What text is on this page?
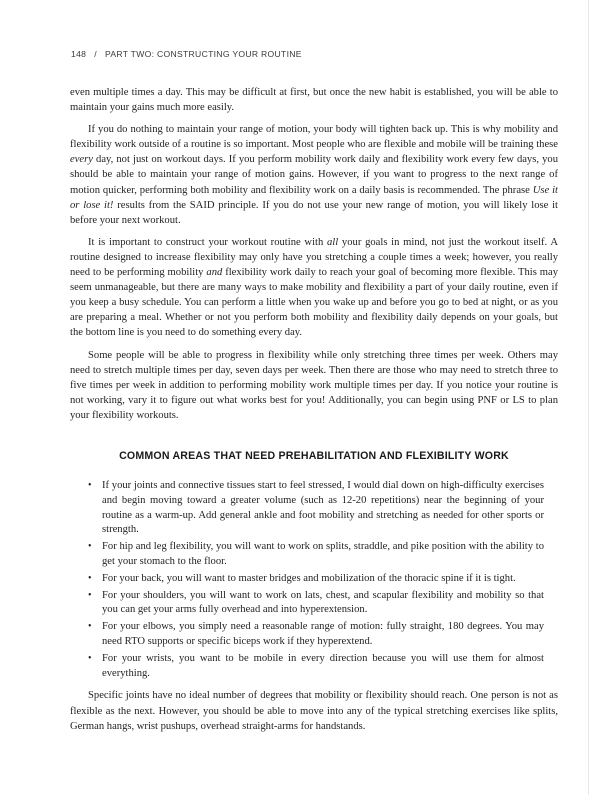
148 / PART TWO: CONSTRUCTING YOUR ROUTINE

even multiple times a day. This may be difficult at first, but once the new habit is established, you will be able to maintain your gains much more easily.

If you do nothing to maintain your range of motion, your body will tighten back up. This is why mobility and flexibility work outside of a routine is so important. Most people who are flexible and mobile will be training these every day, not just on workout days. If you perform mobility work daily and flexibility work every few days, you should be able to maintain your range of motion gains. However, if you want to progress to the next range of motion quicker, performing both mobility and flexibility work on a daily basis is recommended. The phrase Use it or lose it! results from the SAID principle. If you do not use your new range of motion, you will likely lose it before your next workout.

It is important to construct your workout routine with all your goals in mind, not just the workout itself. A routine designed to increase flexibility may only have you stretching a couple times a week; however, you really need to be performing mobility and flexibility work daily to reach your goal of becoming more flexible. This may seem unmanageable, but there are many ways to make mobility and flexibility a part of your daily routine, even if you keep a busy schedule. You can perform a little when you wake up and before you go to bed at night, or as you are preparing a meal. Whether or not you perform both mobility and flexibility daily depends on your goals, but the bottom line is you need to do something every day.

Some people will be able to progress in flexibility while only stretching three times per week. Others may need to stretch multiple times per day, seven days per week. Then there are those who may need to stretch three to five times per week in addition to performing mobility work multiple times per day. If you notice your routine is not working, vary it to figure out what works best for you! Additionally, you can begin using PNF or LS to plan your flexibility workouts.

COMMON AREAS THAT NEED PREHABILITATION AND FLEXIBILITY WORK
• If your joints and connective tissues start to feel stressed, I would dial down on high-difficulty exercises and begin moving toward a greater volume (such as 12-20 repetitions) near the beginning of your routine as a warm-up. Add general ankle and foot mobility and stretching as needed for other sports or strength.
• For hip and leg flexibility, you will want to work on splits, straddle, and pike position with the ability to get your stomach to the floor.
• For your back, you will want to master bridges and mobilization of the thoracic spine if it is tight.
• For your shoulders, you will want to work on lats, chest, and scapular flexibility and mobility so that you can get your arms fully overhead and into hyperextension.
• For your elbows, you simply need a reasonable range of motion: fully straight, 180 degrees. You may need RTO supports or specific biceps work if they hyperextend.
• For your wrists, you want to be mobile in every direction because you will use them for almost everything.

Specific joints have no ideal number of degrees that mobility or flexibility should reach. One person is not as flexible as the next. However, you should be able to move into any of the typical stretching exercises like splits, German hangs, wrist pushups, overhead straight-arms for handstands.
